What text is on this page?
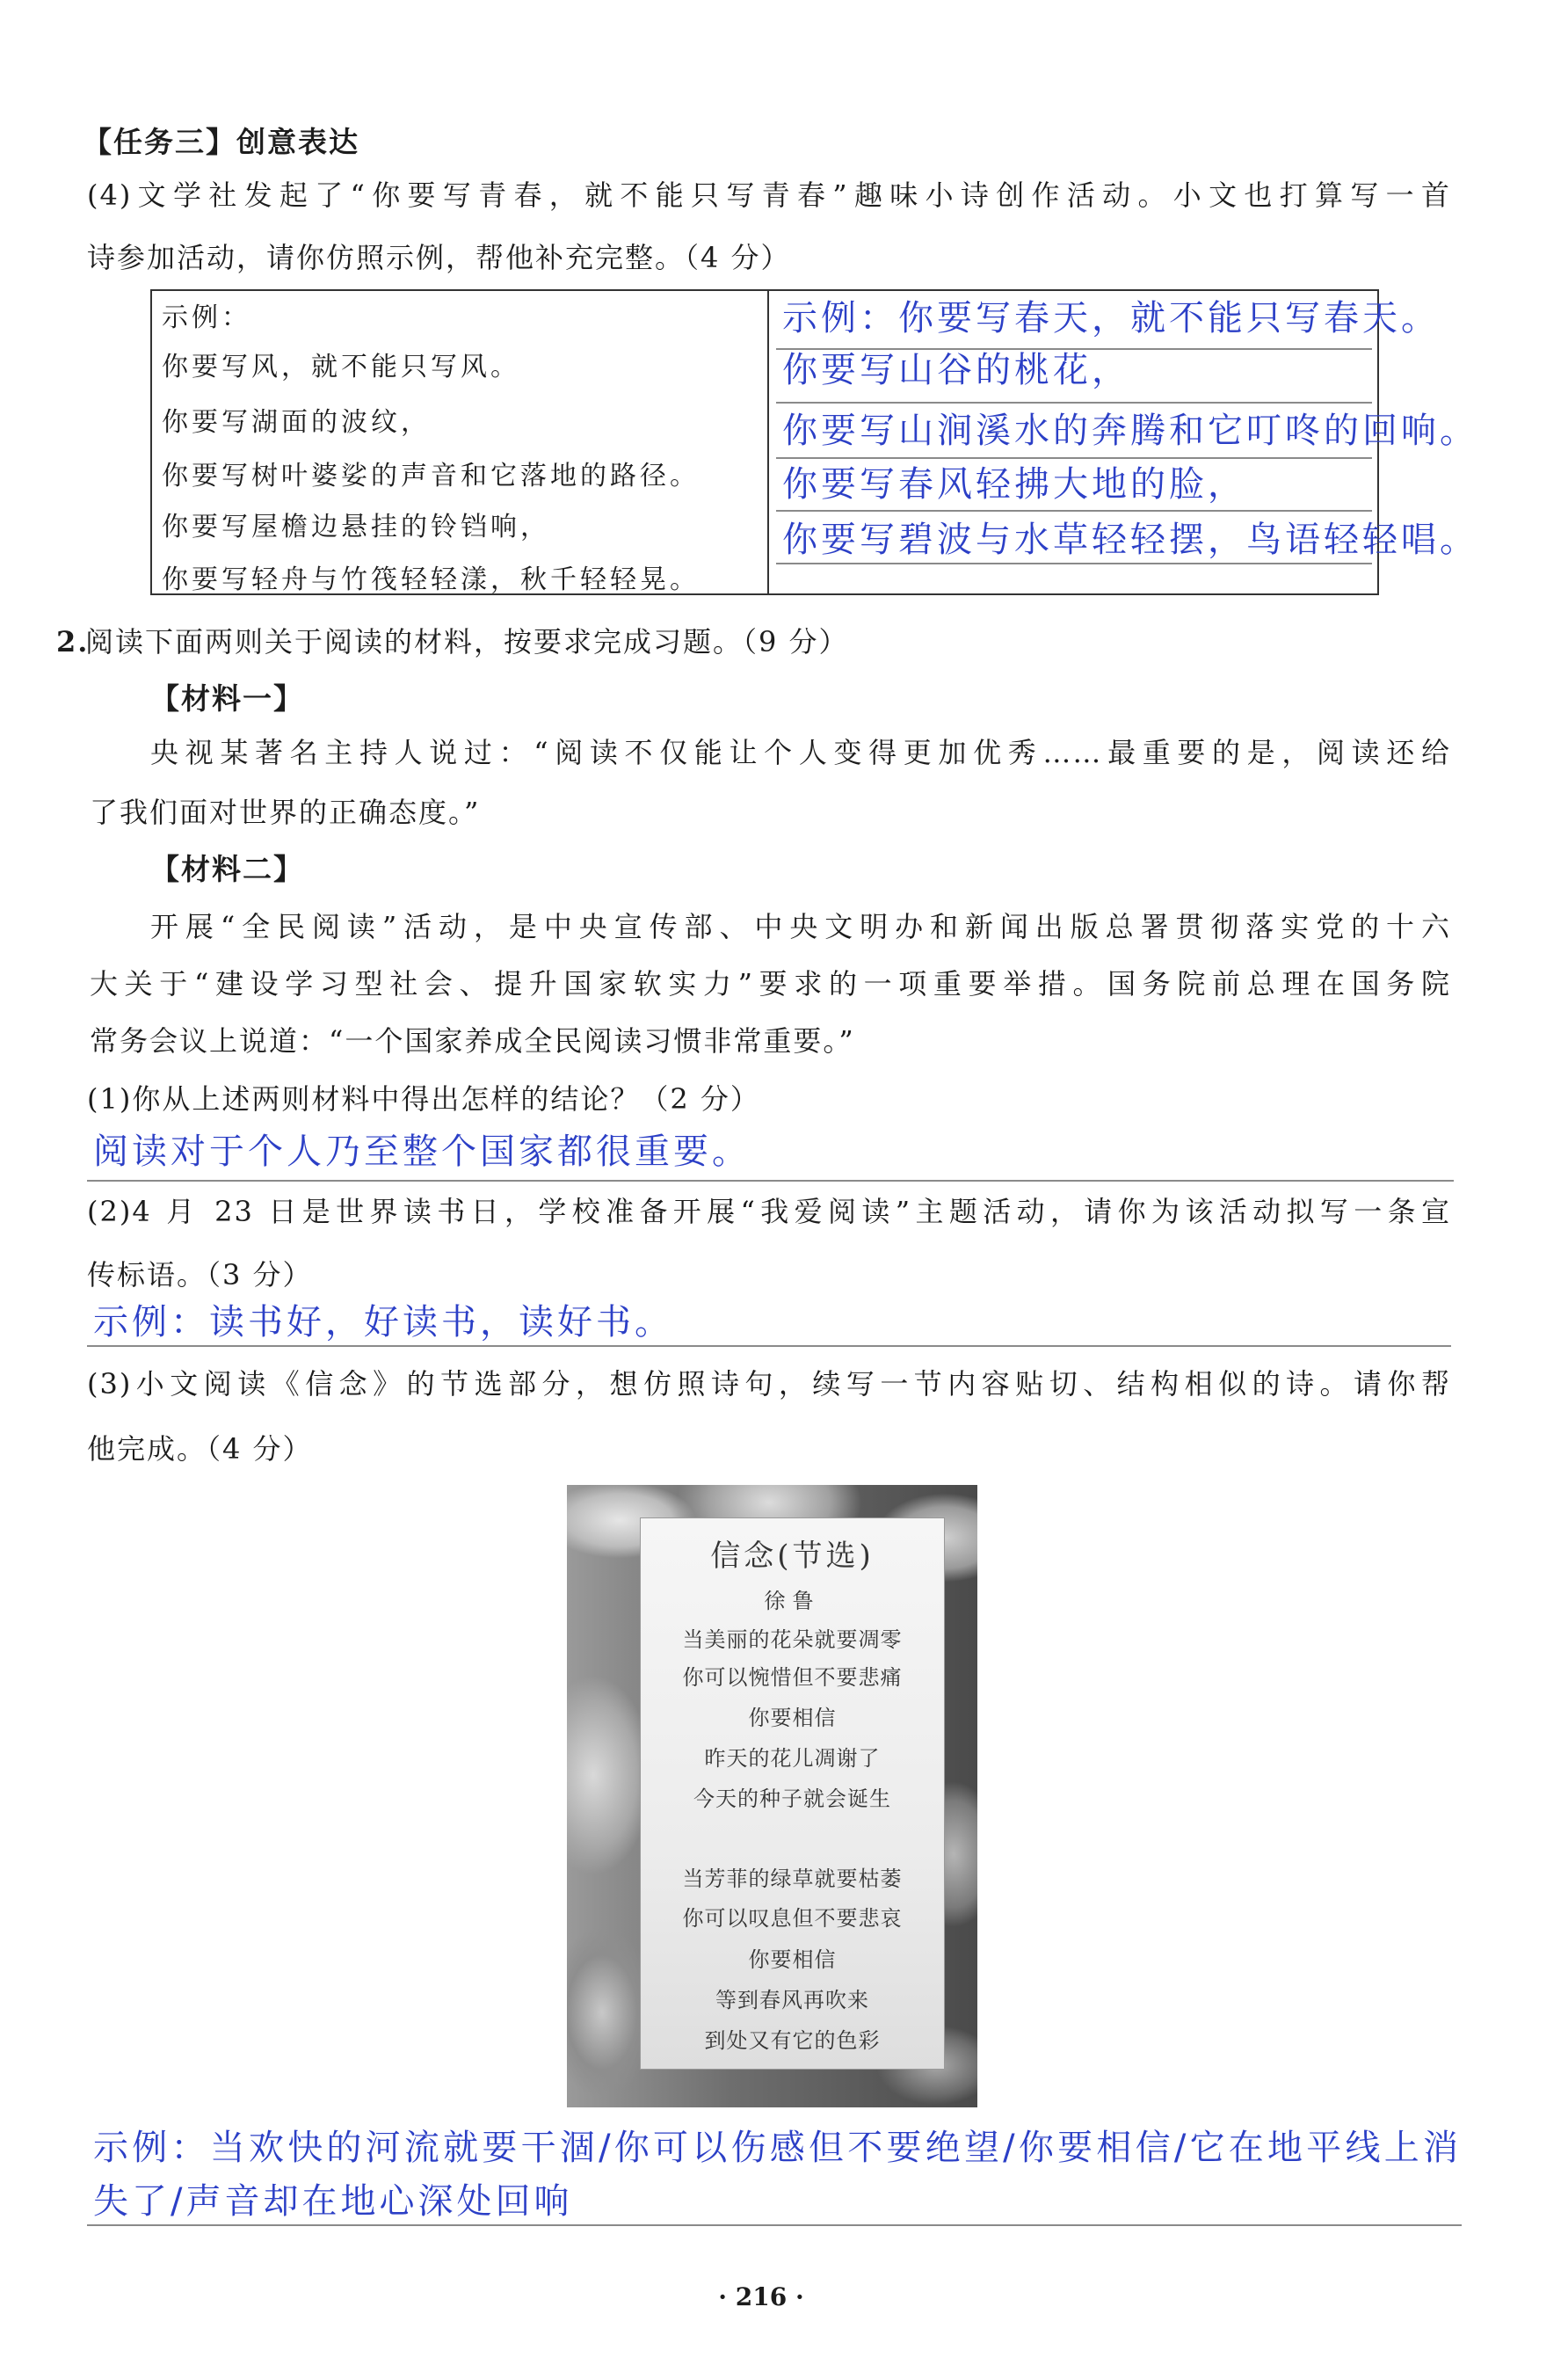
【任务三】创意表达
(4)文学社发起了“你要写青春，就不能只写青春”趣味小诗创作活动。小文也打算写一首
诗参加活动，请你仿照示例，帮他补充完整。（4 分）
示例：
你要写风，就不能只写风。
你要写湖面的波纹，
你要写树叶婆娑的声音和它落地的路径。
你要写屋檐边悬挂的铃铛响，
你要写轻舟与竹筏轻轻漾，秋千轻轻晃。
示例：你要写春天，就不能只写春天。
你要写山谷的桃花，
你要写山涧溪水的奔腾和它叮咚的回响。
你要写春风轻拂大地的脸，
你要写碧波与水草轻轻摆，鸟语轻轻唱。
2.
阅读下面两则关于阅读的材料，按要求完成习题。（9 分）
【材料一】
央视某著名主持人说过：“阅读不仅能让个人变得更加优秀……最重要的是，阅读还给
了我们面对世界的正确态度。”
【材料二】
开展“全民阅读”活动，是中央宣传部、中央文明办和新闻出版总署贯彻落实党的十六
大关于“建设学习型社会、提升国家软实力”要求的一项重要举措。国务院前总理在国务院
常务会议上说道：“一个国家养成全民阅读习惯非常重要。”
(1)你从上述两则材料中得出怎样的结论？（2 分）
阅读对于个人乃至整个国家都很重要。
(2)4 月 23 日是世界读书日，学校准备开展“我爱阅读”主题活动，请你为该活动拟写一条宣
传标语。（3 分）
示例：读书好，好读书，读好书。
(3)小文阅读《信念》的节选部分，想仿照诗句，续写一节内容贴切、结构相似的诗。请你帮
他完成。（4 分）
信念(节选)
徐鲁
当美丽的花朵就要凋零
你可以惋惜但不要悲痛
你要相信
昨天的花儿凋谢了
今天的种子就会诞生
当芳菲的绿草就要枯萎
你可以叹息但不要悲哀
你要相信
等到春风再吹来
到处又有它的色彩
示例：当欢快的河流就要干涸/你可以伤感但不要绝望/你要相信/它在地平线上消
失了/声音却在地心深处回响
· 216 ·
